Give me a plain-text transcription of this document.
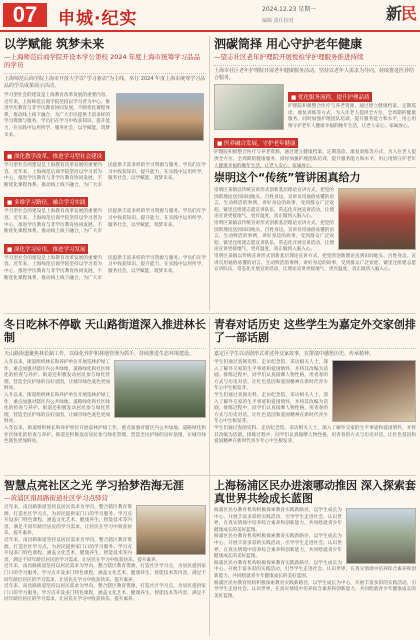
07	申城·纪实	2024.12.23 星期一
编辑 责任校对	新民
以学赋能 筑梦未来
—上海师范后商学院开设本学公第校 2024 年度上海市统筹学习品品的学员
上海师范后商学院上海市开放大学以“学习驱动”为主线，举行 2024 年度上海市统筹学习品品的学员成果展示活动。
学习型社会的建设是上海教育改革发展的重要内容。近年来，上海师范后商学院坚持以学习者为中心，推进学历教育与非学历教育协同发展，不断优化课程体系，推动线上线下融合，为广大市民提供丰富多样的学习资源与服务。学员们在学习中收获知识、提升能力，在实践中运用所学、服务社会，以学赋能，筑梦未来。
■ 深化教学改革，推进学习型社会建设
学习型社会的建设是上海教育改革发展的重要内容。近年来，上海师范后商学院坚持以学习者为中心，推进学历教育与非学历教育协同发展，不断优化课程体系，推动线上线下融合，为广大市民提供丰富多样的学习资源与服务。学员们在学习中收获知识、提升能力，在实践中运用所学、服务社会，以学赋能，筑梦未来。
■ 多维学习路径，融合学习实践
学习型社会的建设是上海教育改革发展的重要内容。近年来，上海师范后商学院坚持以学习者为中心，推进学历教育与非学历教育协同发展，不断优化课程体系，推动线上线下融合，为广大市民提供丰富多样的学习资源与服务。学员们在学习中收获知识、提升能力，在实践中运用所学、服务社会，以学赋能，筑梦未来。
■ 深化学习应用，推进学习发展
学习型社会的建设是上海教育改革发展的重要内容。近年来，上海师范后商学院坚持以学习者为中心，推进学历教育与非学历教育协同发展，不断优化课程体系，推动线上线下融合，为广大市民提供丰富多样的学习资源与服务。学员们在学习中收获知识、提升能力，在实践中运用所学、服务社会，以学赋能，筑梦未来。
泗碳筒择 用心守护老年健康
—望志社区老年护理院开展悦检学护理服务推进持续
上海市社区老年护理院开展老年健康服务活动，坚持以老年人需求为导向，持续推进医养结合服务。
■ 优化服务流程，提升护理品质
护理院积极整合医疗与养老资源，通过建立健康档案、定期巡诊、康复训练等方式，为入住老人提供全方位、全周期的健康服务。同时加强护理团队培训，提升服务能力和水平，用心用情守护老年人健康幸福的晚年生活，让老人安心、家属放心。
■ 医养融合发展，守护老年健康
护理院积极整合医疗与养老资源，通过建立健康档案、定期巡诊、康复训练等方式，为入住老人提供全方位、全周期的健康服务。同时加强护理团队培训，提升服务能力和水平，用心用情守护老年人健康幸福的晚年生活，让老人安心、家属放心。
崇明这个“传统”管讲困真给力
崇明区某镇以传统宣讲形式创新基层理论宣讲方式，把党的创新理论送到田间地头、百姓身边。宣讲员用通俗易懂的语言、生动鲜活的事例，讲好身边的故事，受到群众广泛欢迎。镇里还组建志愿宣讲队伍，常态化开展宣讲活动，让理论宣讲更接地气、更有温度，真正做到入脑入心。
崇明区某镇以传统宣讲形式创新基层理论宣讲方式，把党的创新理论送到田间地头、百姓身边。宣讲员用通俗易懂的语言、生动鲜活的事例，讲好身边的故事，受到群众广泛欢迎。镇里还组建志愿宣讲队伍，常态化开展宣讲活动，让理论宣讲更接地气、更有温度，真正做到入脑入心。
崇明区某镇以传统宣讲形式创新基层理论宣讲方式，把党的创新理论送到田间地头、百姓身边。宣讲员用通俗易懂的语言、生动鲜活的事例，讲好身边的故事，受到群众广泛欢迎。镇里还组建志愿宣讲队伍，常态化开展宣讲活动，让理论宣讲更接地气、更有温度，真正做到入脑入心。
冬日吃林不停歇 天山路街道深入推进林长制
天山路街道聚焦林长制工作，以绿化养护和林地管理为抓手，持续推进生态环境建设。
入冬以来，街道组织林长和养护单位开展巡林护绿工作，重点加强对辖区内公共绿地、道路绿化和社区绿化的检查与养护。街道还积极发动居民参与绿化管理，营造全民护绿的良好氛围，让城市绿色底色更加鲜亮。
入冬以来，街道组织林长和养护单位开展巡林护绿工作，重点加强对辖区内公共绿地、道路绿化和社区绿化的检查与养护。街道还积极发动居民参与绿化管理，营造全民护绿的良好氛围，让城市绿色底色更加鲜亮。
入冬以来，街道组织林长和养护单位开展巡林护绿工作，重点加强对辖区内公共绿地、道路绿化和社区绿化的检查与养护。街道还积极发动居民参与绿化管理，营造全民护绿的良好氛围，让城市绿色底色更加鲜亮。
青春对话历史 这些学生为嘉定外交家创排了一部话剧
嘉定区学生以话剧形式讲述外交家故事，在排演中感悟历史、传承精神。
学生们通过查阅史料、走访纪念馆、采访相关人士，深入了解外交家的生平事迹和爱国情怀，并将其改编为话剧。排练过程中，同学们认真揣摩人物性格，用青春的方式与历史对话，让红色基因和爱国精神在新时代青少年心中生根发芽。
学生们通过查阅史料、走访纪念馆、采访相关人士，深入了解外交家的生平事迹和爱国情怀，并将其改编为话剧。排练过程中，同学们认真揣摩人物性格，用青春的方式与历史对话，让红色基因和爱国精神在新时代青少年心中生根发芽。
学生们通过查阅史料、走访纪念馆、采访相关人士，深入了解外交家的生平事迹和爱国情怀，并将其改编为话剧。排练过程中，同学们认真揣摩人物性格，用青春的方式与历史对话，让红色基因和爱国精神在新时代青少年心中生根发芽。
智慧点亮社区之光 学习拾梦浩海无涯
—黄浦区南昌路街道社区学习点驿营
近年来，南昌路街道坚持以居民需求为导向，整合辖区教育资源，打造社区学习点，为居民提供家门口的学习服务。学习点开设多门特色课程，涵盖文化艺术、健康养生、智能技术等内容，满足不同年龄层居民的学习需求，让居民在学习中收获快乐、提升素养。
近年来，南昌路街道坚持以居民需求为导向，整合辖区教育资源，打造社区学习点，为居民提供家门口的学习服务。学习点开设多门特色课程，涵盖文化艺术、健康养生、智能技术等内容，满足不同年龄层居民的学习需求，让居民在学习中收获快乐、提升素养。
近年来，南昌路街道坚持以居民需求为导向，整合辖区教育资源，打造社区学习点，为居民提供家门口的学习服务。学习点开设多门特色课程，涵盖文化艺术、健康养生、智能技术等内容，满足不同年龄层居民的学习需求，让居民在学习中收获快乐、提升素养。
近年来，南昌路街道坚持以居民需求为导向，整合辖区教育资源，打造社区学习点，为居民提供家门口的学习服务。学习点开设多门特色课程，涵盖文化艺术、健康养生、智能技术等内容，满足不同年龄层居民的学习需求，让居民在学习中收获快乐、提升素养。
上海杨浦区民办进滚哪动推因 深入探索套真世界共绘成长蓝图
杨浦区民办教育机构积极探索教育实践新路径，以学生成长为中心，开展丰富多彩的实践活动，引导学生走进社会、认识世界，在真实情境中培养综合素养和创新能力，共同绘就青少年健康成长的美好蓝图。
杨浦区民办教育机构积极探索教育实践新路径，以学生成长为中心，开展丰富多彩的实践活动，引导学生走进社会、认识世界，在真实情境中培养综合素养和创新能力，共同绘就青少年健康成长的美好蓝图。
杨浦区民办教育机构积极探索教育实践新路径，以学生成长为中心，开展丰富多彩的实践活动，引导学生走进社会、认识世界，在真实情境中培养综合素养和创新能力，共同绘就青少年健康成长的美好蓝图。
杨浦区民办教育机构积极探索教育实践新路径，以学生成长为中心，开展丰富多彩的实践活动，引导学生走进社会、认识世界，在真实情境中培养综合素养和创新能力，共同绘就青少年健康成长的美好蓝图。
